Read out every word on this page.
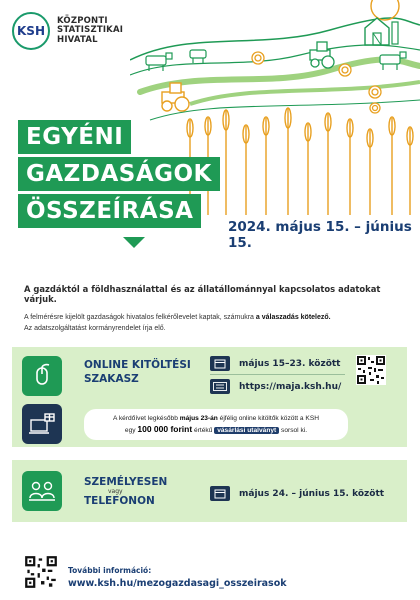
KSH
KÖZPONTI
STATISZTIKAI
HIVATAL
EGYÉNI
GAZDASÁGOK
ÖSSZEÍRÁSA
2024. május 15. – június 15.
A gazdáktól a földhasználattal és az állatállománnyal kapcsolatos adatokat várjuk.
A felmérésre kijelölt gazdaságok hivatalos felkérőlevelet kaptak, számukra a válaszadás kötelező.
Az adatszolgáltatást kormányrendelet írja elő.
ONLINE KITÖLTÉSI
SZAKASZ
május 15–23. között
https://maja.ksh.hu/
A kérdőívet legkésőbb május 23-án éjfélig online kitöltők között a KSH
egy 100 000 forint értékű vásárlási utalványt sorsol ki.
SZEMÉLYESEN
vagy
TELEFONON
május 24. – június 15. között
További információ:
www.ksh.hu/mezogazdasagi_osszeirasok
